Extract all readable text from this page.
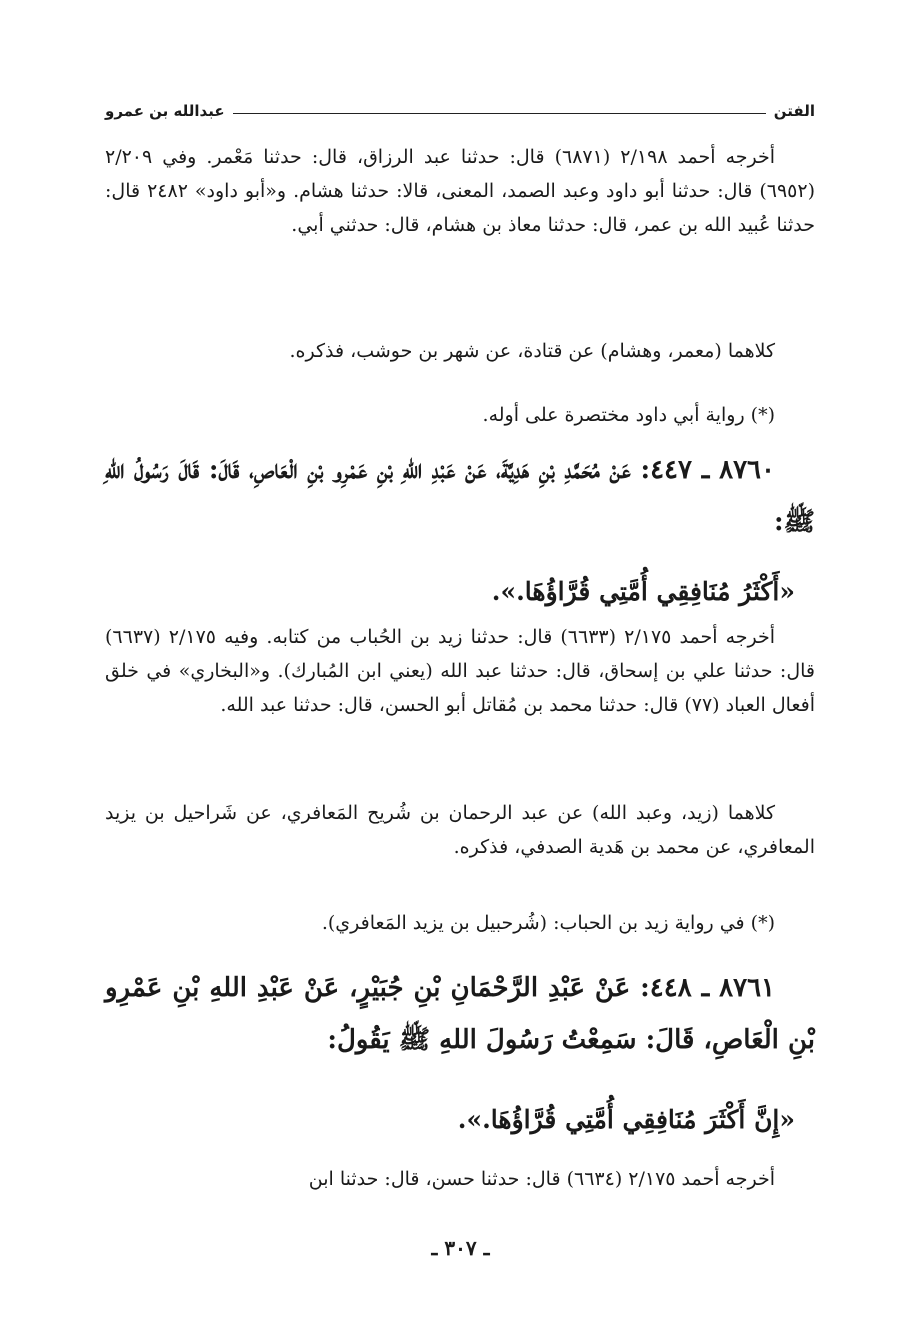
الفتن
عبدالله بن عمرو

أخرجه أحمد ٢/١٩٨ (٦٨٧١) قال: حدثنا عبد الرزاق، قال: حدثنا مَعْمر. وفي ٢/٢٠٩ (٦٩٥٢) قال: حدثنا أبو داود وعبد الصمد، المعنى، قالا: حدثنا هشام. و«أبو داود» ٢٤٨٢ قال: حدثنا عُبيد الله بن عمر، قال: حدثنا معاذ بن هشام، قال: حدثني أبي.

كلاهما (معمر، وهشام) عن قتادة، عن شهر بن حوشب، فذكره.

(*) رواية أبي داود مختصرة على أوله.

٨٧٦٠ ـ ٤٤٧: عَنْ مُحَمَّدِ بْنِ هَدِيَّةَ، عَنْ عَبْدِ اللهِ بْنِ عَمْرِو بْنِ الْعَاصِ، قَالَ: قَالَ رَسُولُ اللهِ ﷺ:

«أَكْثَرُ مُنَافِقِي أُمَّتِي قُرَّاؤُهَا.».

أخرجه أحمد ٢/١٧٥ (٦٦٣٣) قال: حدثنا زيد بن الحُباب من كتابه. وفيه ٢/١٧٥ (٦٦٣٧) قال: حدثنا علي بن إسحاق، قال: حدثنا عبد الله (يعني ابن المُبارك). و«البخاري» في خلق أفعال العباد (٧٧) قال: حدثنا محمد بن مُقاتل أبو الحسن، قال: حدثنا عبد الله.

كلاهما (زيد، وعبد الله) عن عبد الرحمان بن شُريح المَعافري، عن شَراحيل بن يزيد المعافري، عن محمد بن هَدية الصدفي، فذكره.

(*) في رواية زيد بن الحباب: (شُرحبيل بن يزيد المَعافري).

٨٧٦١ ـ ٤٤٨: عَنْ عَبْدِ الرَّحْمَانِ بْنِ جُبَيْرٍ، عَنْ عَبْدِ اللهِ بْنِ عَمْرِو بْنِ الْعَاصِ، قَالَ: سَمِعْتُ رَسُولَ اللهِ ﷺ يَقُولُ:

«إِنَّ أَكْثَرَ مُنَافِقِي أُمَّتِي قُرَّاؤُهَا.».

أخرجه أحمد ٢/١٧٥ (٦٦٣٤) قال: حدثنا حسن، قال: حدثنا ابن

ـ ٣٠٧ ـ
